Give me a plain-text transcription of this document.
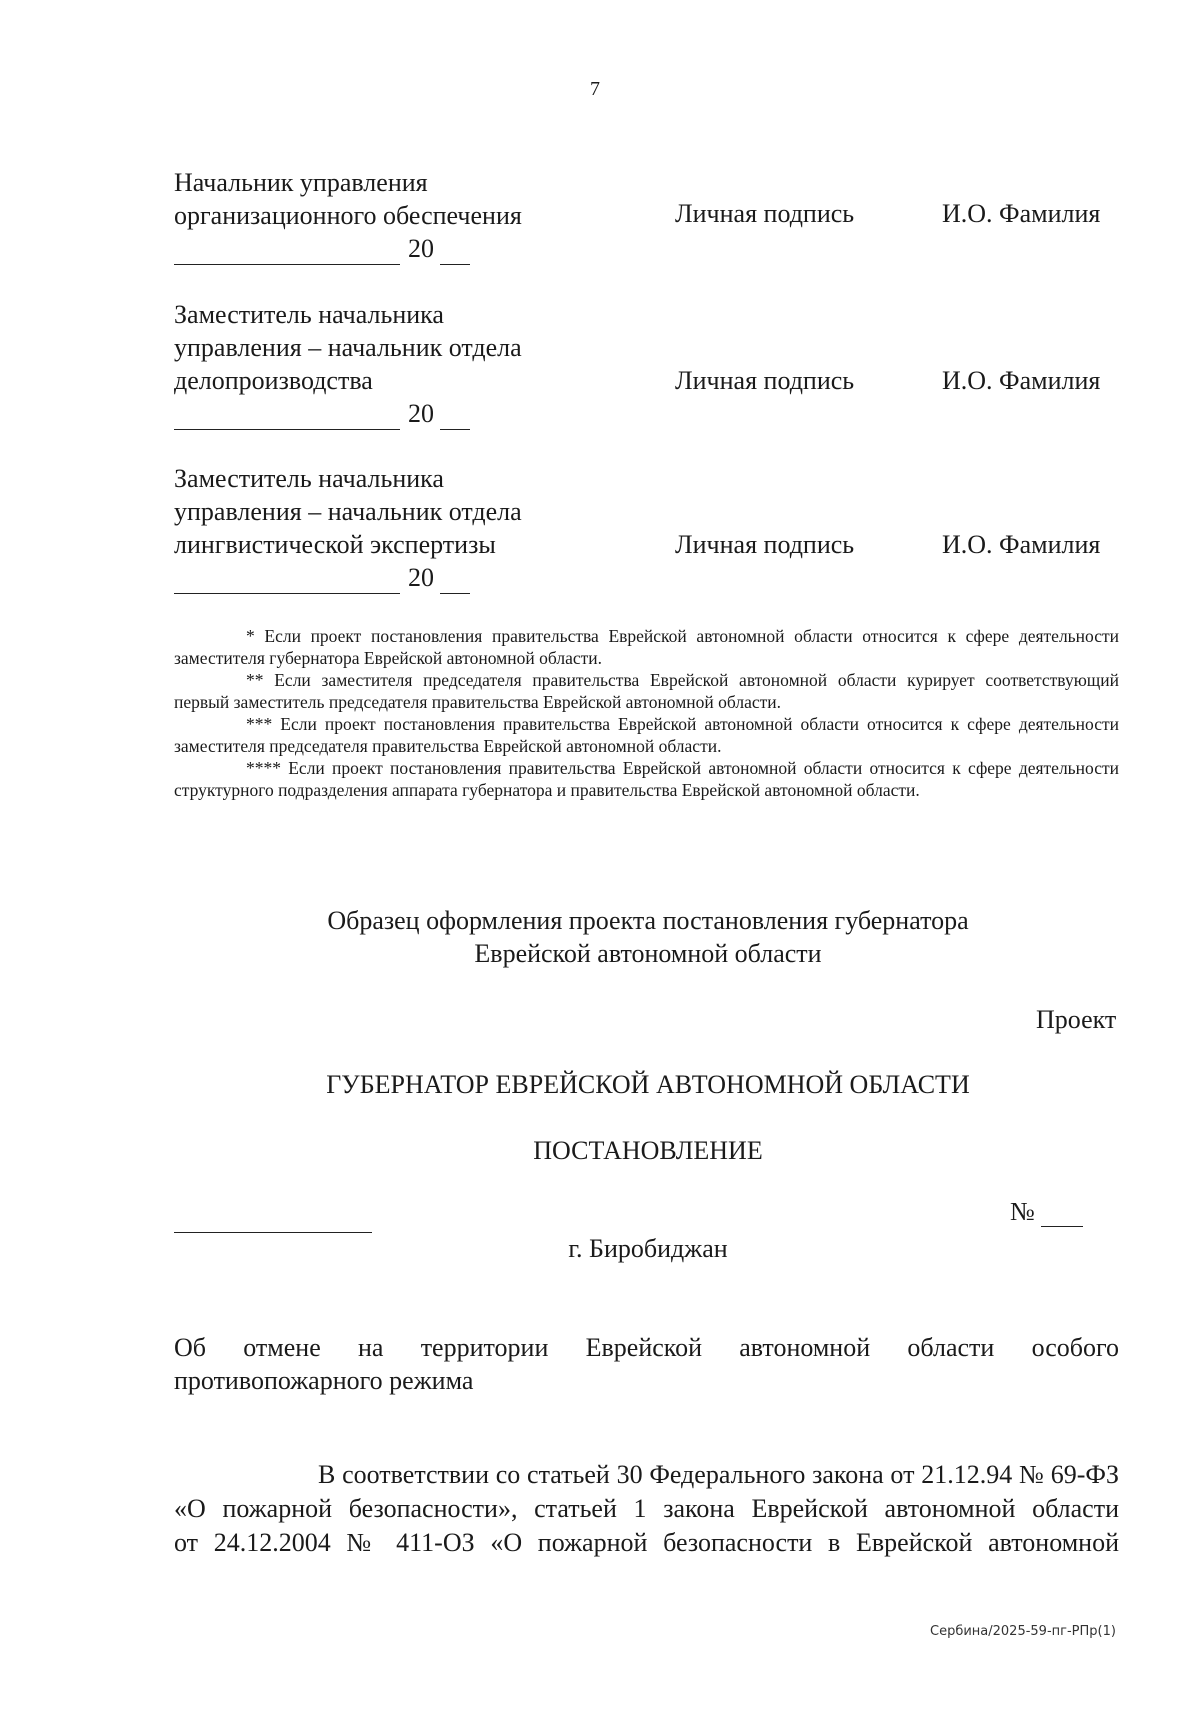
7
Начальник управления
организационного обеспечения
20
Личная подпись	И.О. Фамилия
Заместитель начальника
управления – начальник отдела
делопроизводства
20
Личная подпись	И.О. Фамилия
Заместитель начальника
управления – начальник отдела
лингвистической экспертизы
20
Личная подпись	И.О. Фамилия

* Если проект постановления правительства Еврейской автономной области относится к сфере деятельности заместителя губернатора Еврейской автономной области.

** Если заместителя председателя правительства Еврейской автономной области курирует соответствующий первый заместитель председателя правительства Еврейской автономной области.

*** Если проект постановления правительства Еврейской автономной области относится к сфере деятельности заместителя председателя правительства Еврейской автономной области.

**** Если проект постановления правительства Еврейской автономной области относится к сфере деятельности структурного подразделения аппарата губернатора и правительства Еврейской автономной области.

Образец оформления проекта постановления губернатора
Еврейской автономной области
Проект
ГУБЕРНАТОР ЕВРЕЙСКОЙ АВТОНОМНОЙ ОБЛАСТИ
ПОСТАНОВЛЕНИЕ
№
г. Биробиджан
Об отмене на территории Еврейской автономной области особого
противопожарного режима
В соответствии со статьей 30 Федерального закона от 21.12.94 № 69-ФЗ
«О пожарной безопасности», статьей 1 закона Еврейской автономной области
от 24.12.2004 № 411-ОЗ «О пожарной безопасности в Еврейской автономной
Сербина/2025-59-пг-РПр(1)
